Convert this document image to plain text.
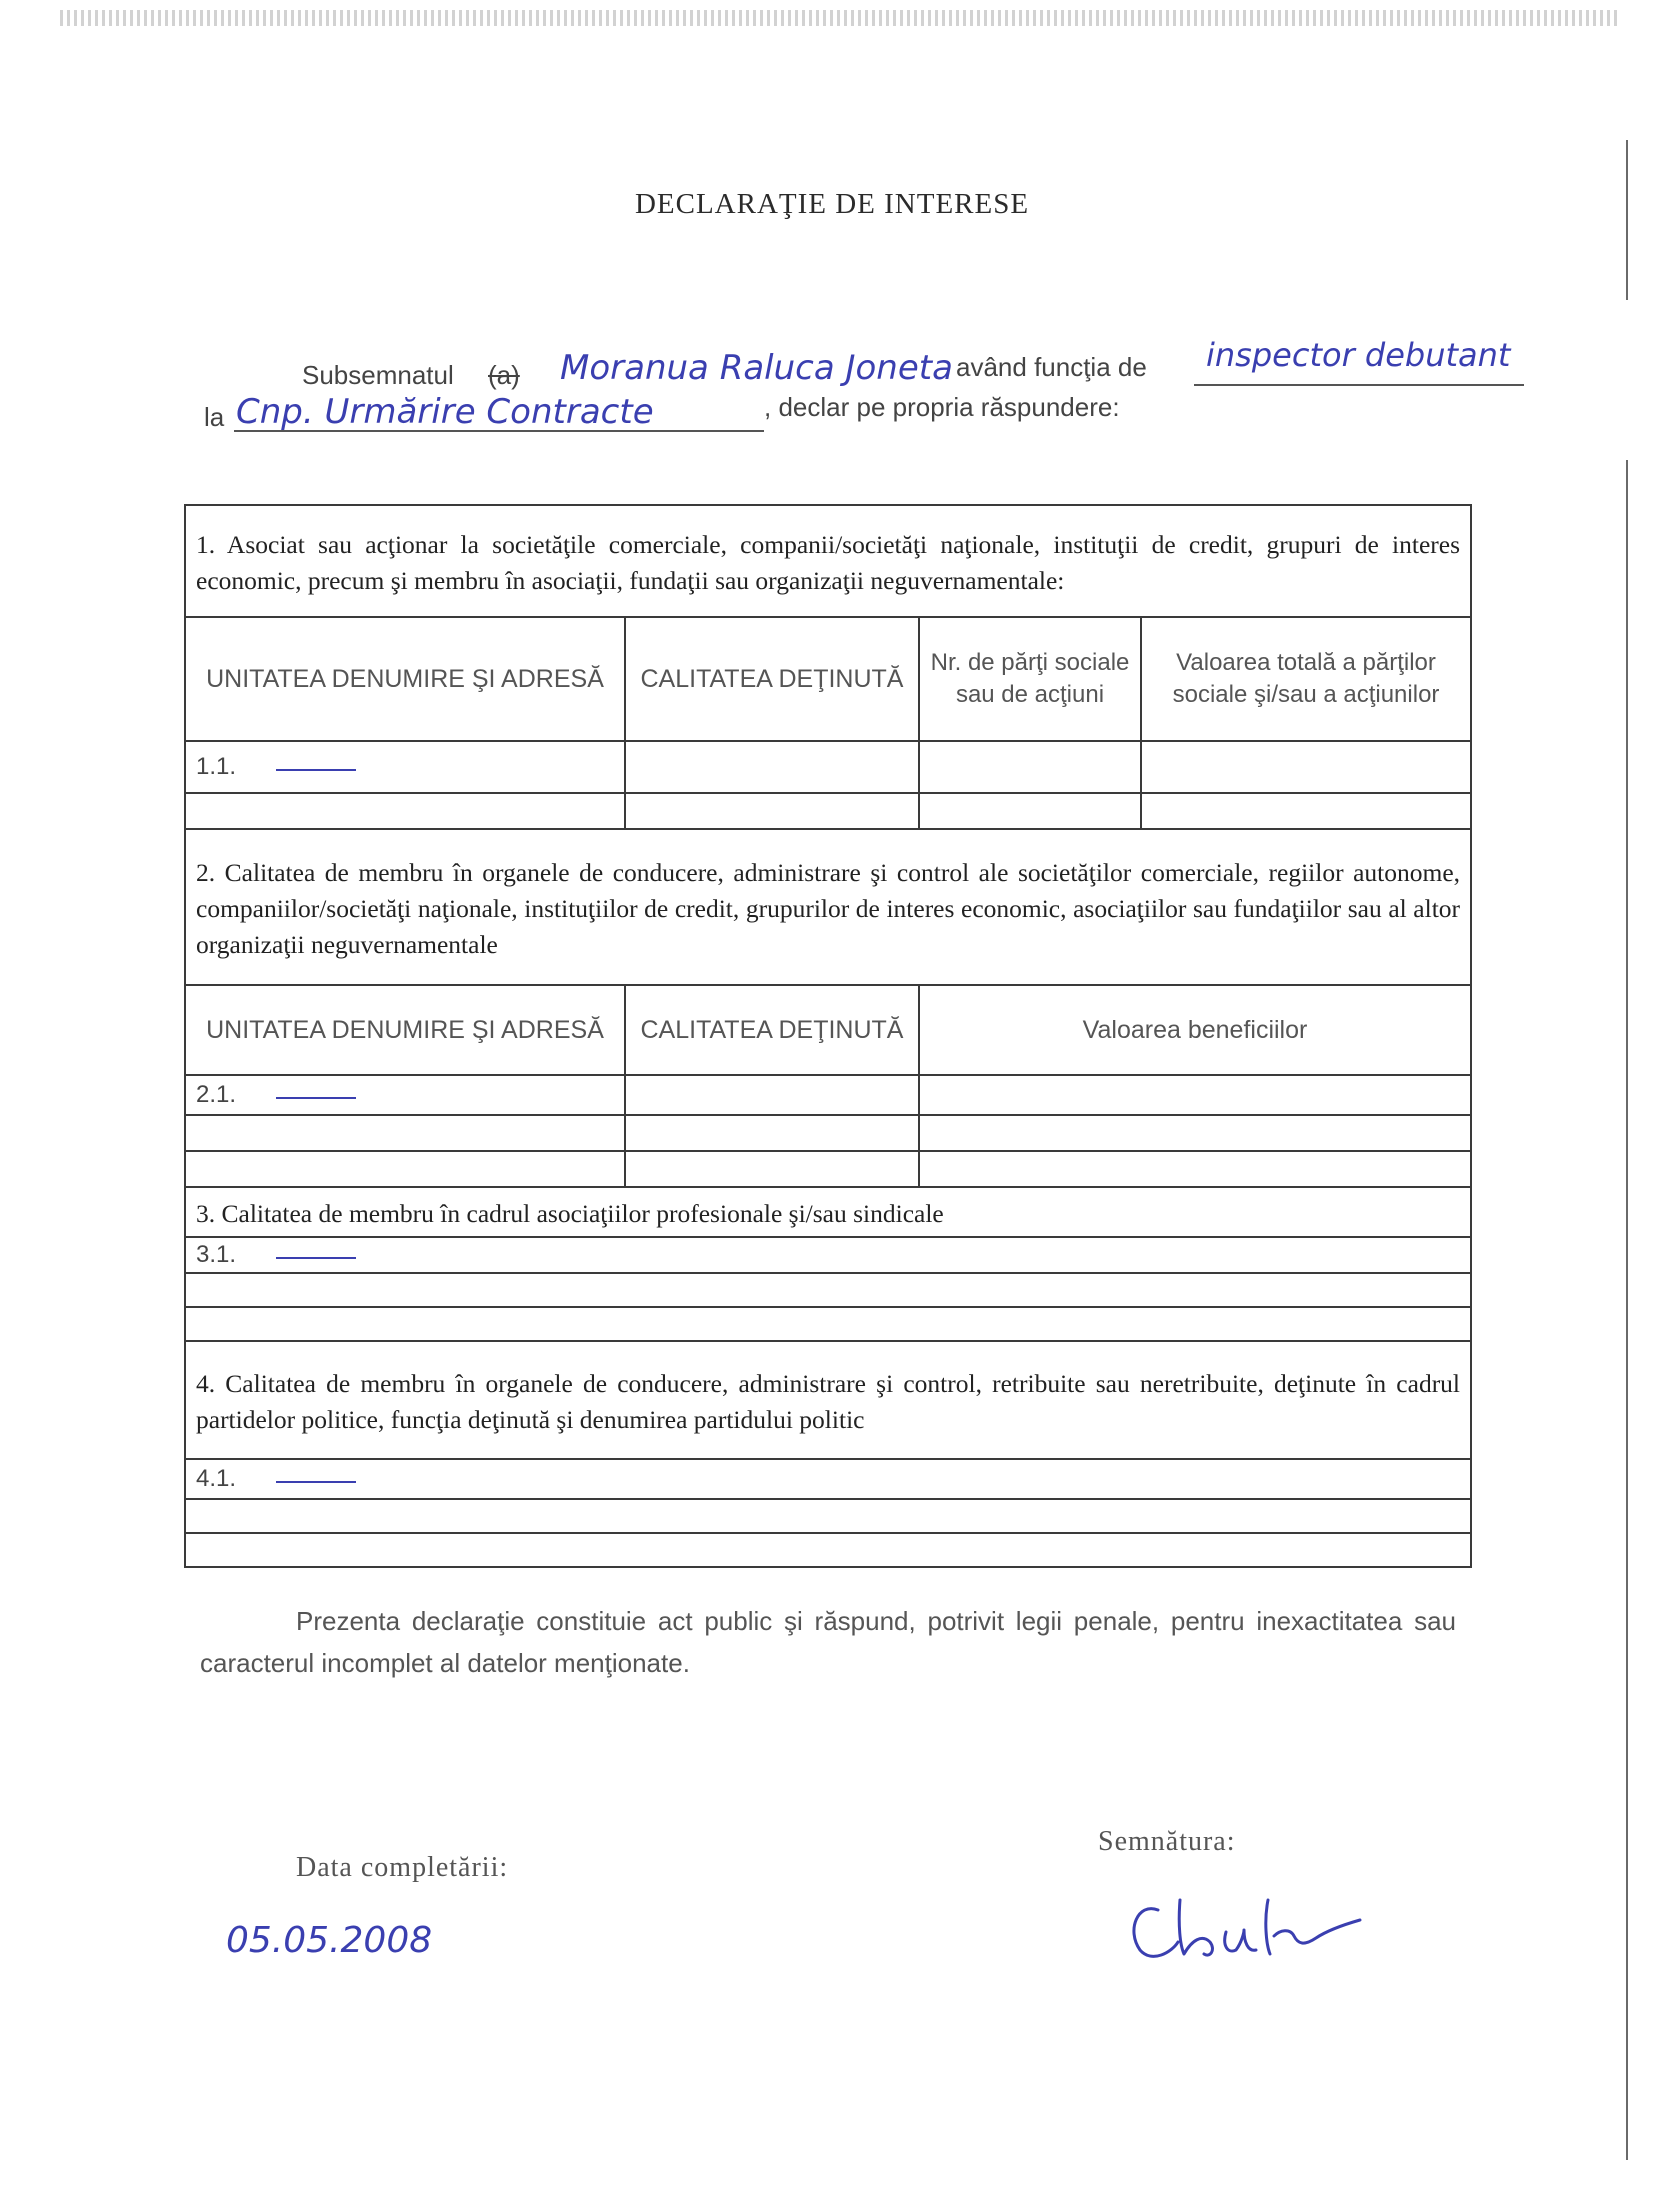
DECLARAŢIE DE INTERESE
Subsemnatul (a) Moranua Raluca Joneta având funcţia de inspector debutant
la Cnp. Urmărire Contracte	, declar pe propria răspundere:
1. Asociat sau acţionar la societăţile comerciale, companii/societăţi naţionale, instituţii de credit, grupuri de interes economic, precum şi membru în asociaţii, fundaţii sau organizaţii neguvernamentale:			
UNITATEA DENUMIRE ŞI ADRESĂ	CALITATEA DEŢINUTĂ	Nr. de părţi sociale sau de acţiuni	Valoarea totală a părţilor sociale şi/sau a acţiunilor
1.1.			

2. Calitatea de membru în organele de conducere, administrare şi control ale societăţilor comerciale, regiilor autonome, companiilor/societăţi naţionale, instituţiilor de credit, grupurilor de interes economic, asociaţiilor sau fundaţiilor sau al altor organizaţii neguvernamentale			
UNITATEA DENUMIRE ŞI ADRESĂ	CALITATEA DEŢINUTĂ	Valoarea beneficiilor	
2.1.			

3. Calitatea de membru în cadrul asociaţiilor profesionale şi/sau sindicale			
3.1.			

4. Calitatea de membru în organele de conducere, administrare şi control, retribuite sau neretribuite, deţinute în cadrul partidelor politice, funcţia deţinută şi denumirea partidului politic			
4.1.			

Prezenta declaraţie constituie act public şi răspund, potrivit legii penale, pentru inexactitatea sau caracterul incomplet al datelor menţionate.
Data completării:
05.05.2008
Semnătura:
